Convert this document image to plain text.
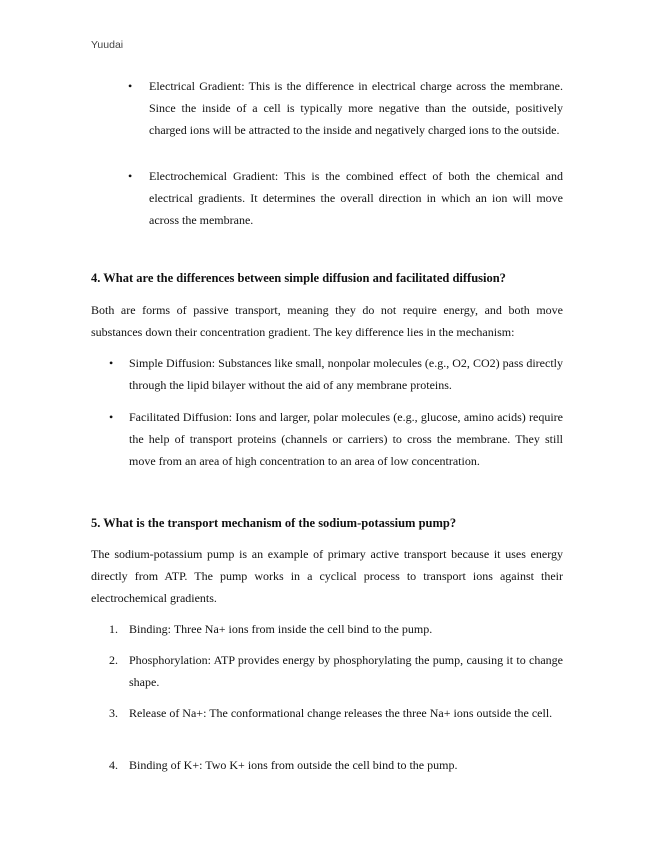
Yuudai
• Electrical Gradient: This is the difference in electrical charge across the membrane. Since the inside of a cell is typically more negative than the outside, positively charged ions will be attracted to the inside and negatively charged ions to the outside.
• Electrochemical Gradient: This is the combined effect of both the chemical and electrical gradients. It determines the overall direction in which an ion will move across the membrane.
4. What are the differences between simple diffusion and facilitated diffusion?
Both are forms of passive transport, meaning they do not require energy, and both move substances down their concentration gradient. The key difference lies in the mechanism:
• Simple Diffusion: Substances like small, nonpolar molecules (e.g., O2, CO2) pass directly through the lipid bilayer without the aid of any membrane proteins.
• Facilitated Diffusion: Ions and larger, polar molecules (e.g., glucose, amino acids) require the help of transport proteins (channels or carriers) to cross the membrane. They still move from an area of high concentration to an area of low concentration.
5. What is the transport mechanism of the sodium-potassium pump?
The sodium-potassium pump is an example of primary active transport because it uses energy directly from ATP. The pump works in a cyclical process to transport ions against their electrochemical gradients.
1. Binding: Three Na+ ions from inside the cell bind to the pump.
2. Phosphorylation: ATP provides energy by phosphorylating the pump, causing it to change shape.
3. Release of Na+: The conformational change releases the three Na+ ions outside the cell.
4. Binding of K+: Two K+ ions from outside the cell bind to the pump.
